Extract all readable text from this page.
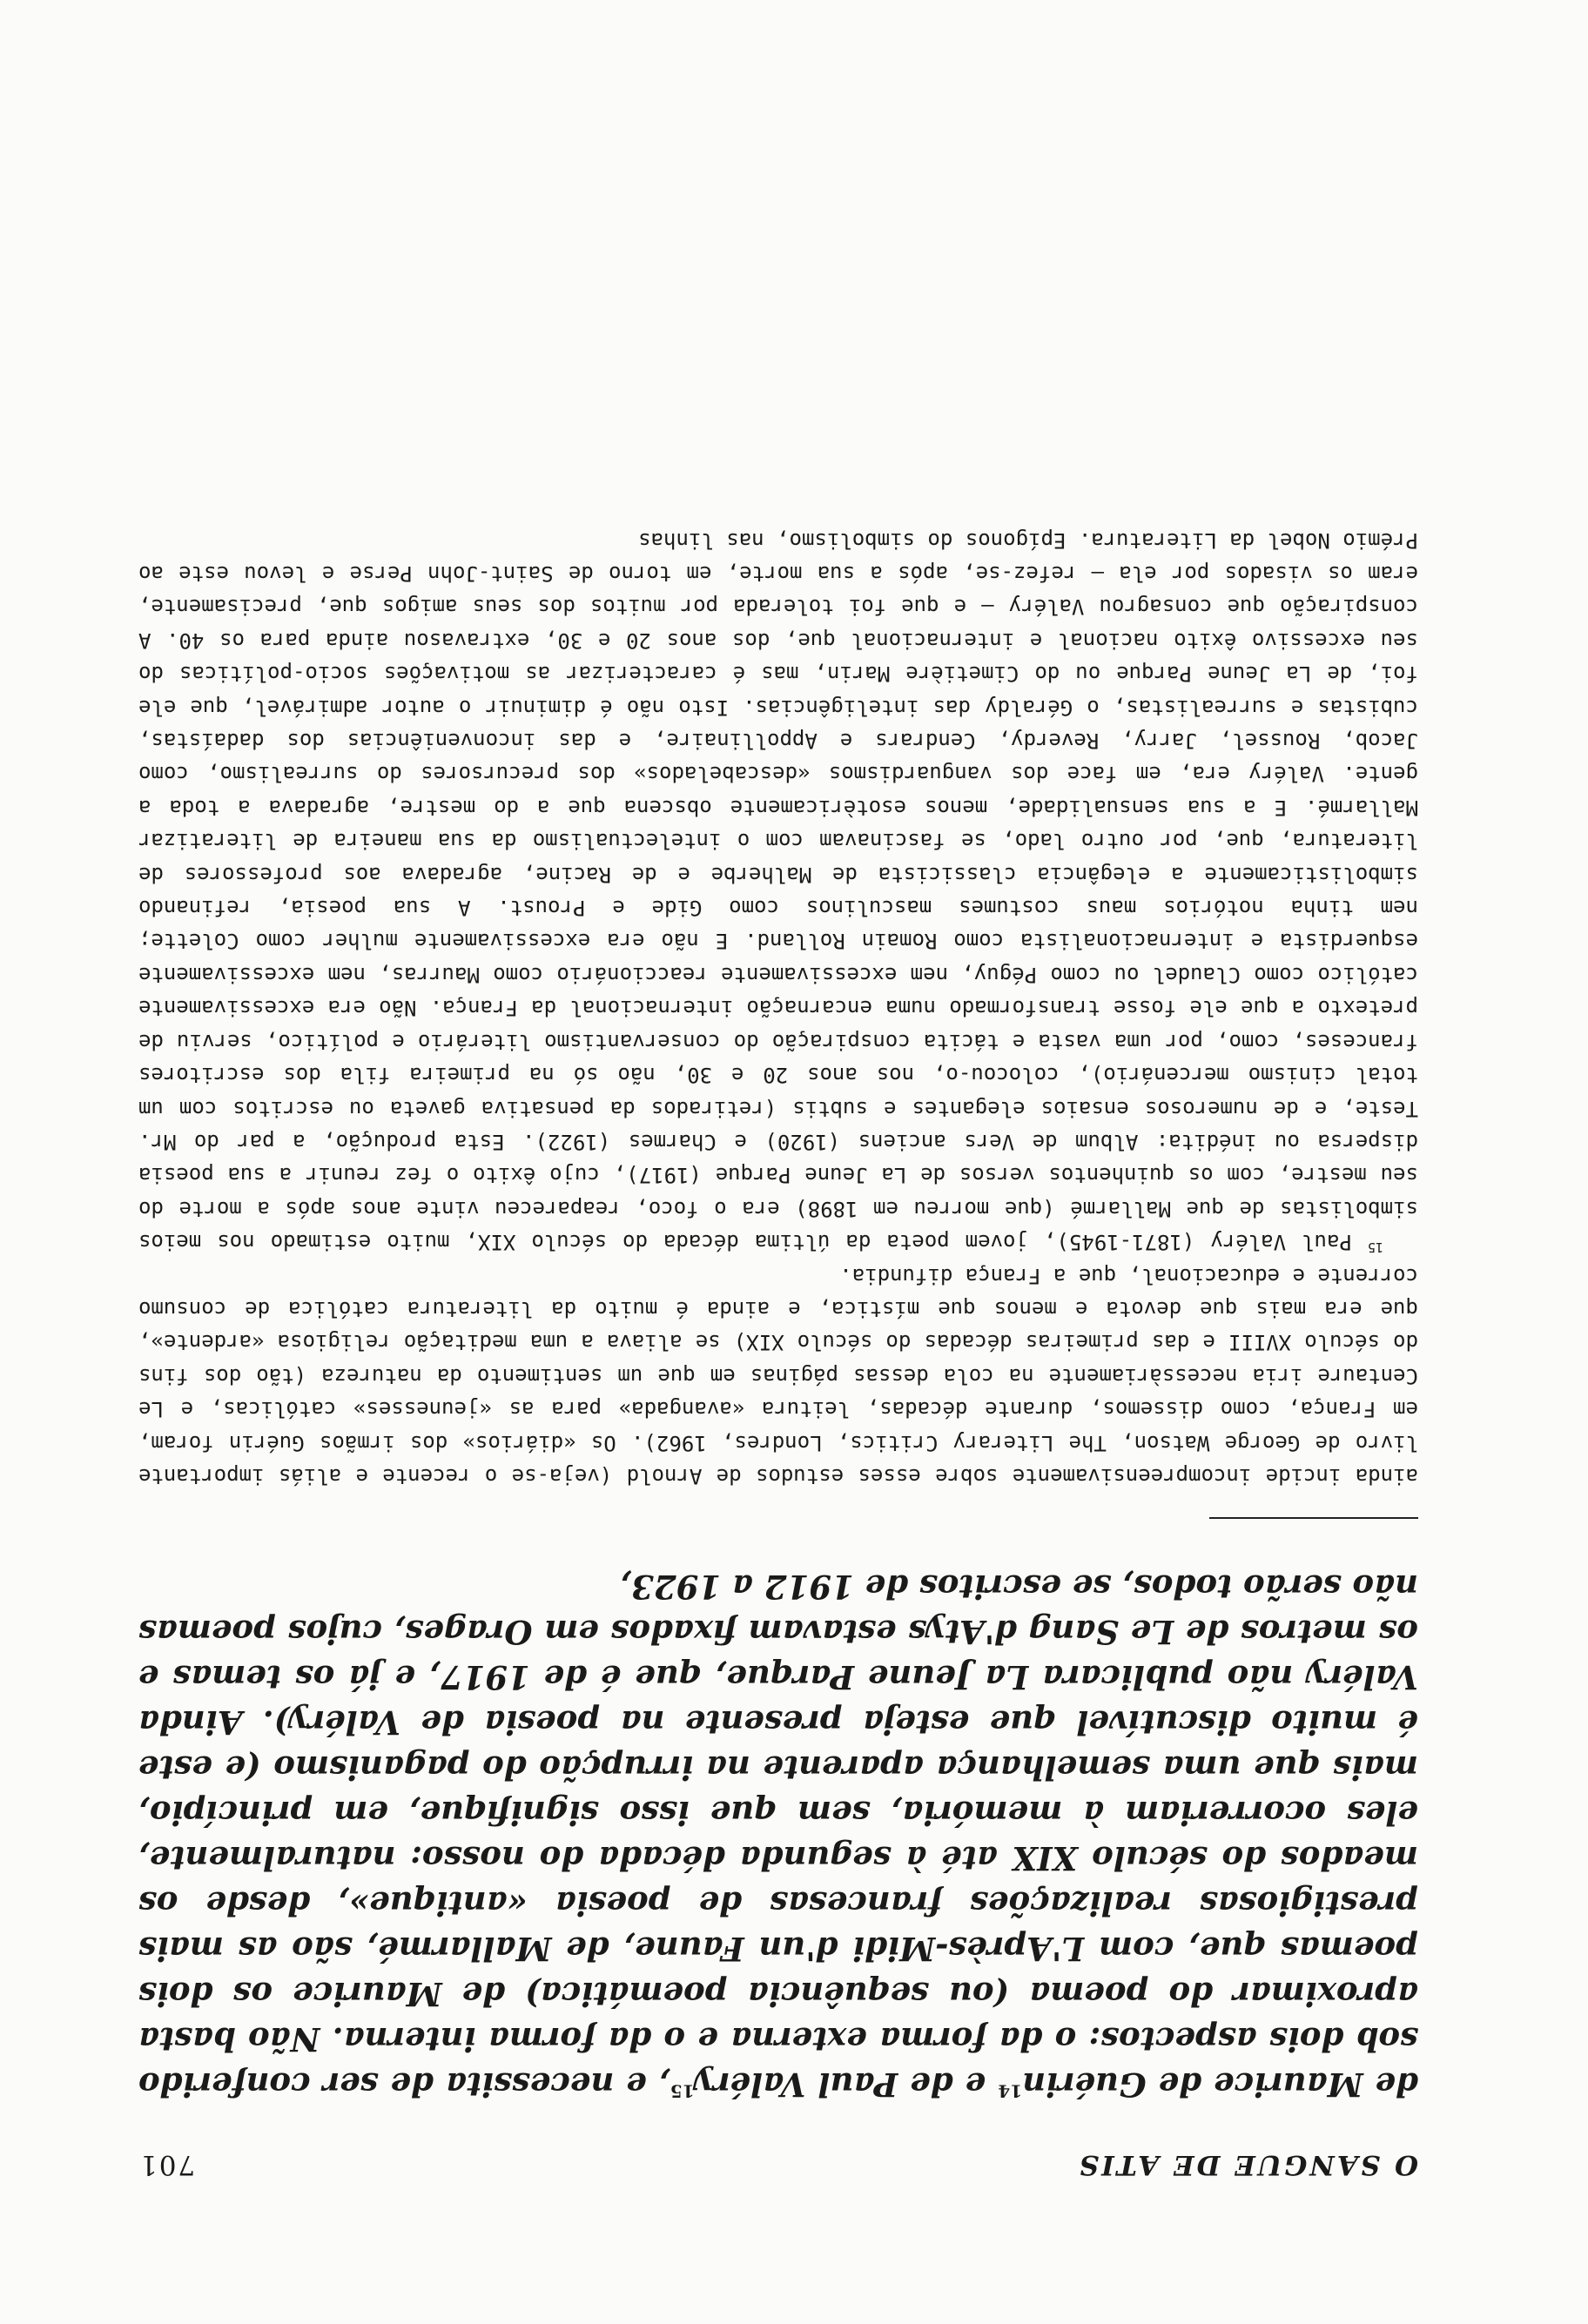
O SANGUE DE ATIS
701

de Maurice de Guérin$^{14}$ e de Paul Valéry$^{15}$, e necessita de ser conferido sob dois aspectos: o da forma externa e o da forma interna. Não basta aproximar do poema (ou sequência poemática) de Maurice os dois poemas que, com L'Après-Midi d'un Faune, de Mallarmé, são as mais prestigiosas realizações francesas de poesia «antique», desde os meados do século XIX até à segunda década do nosso: naturalmente, eles ocorreriam à memória, sem que isso signifique, em princípio, mais que uma semelhança aparente na irrupção do paganismo (e este é muito discutível que esteja presente na poesia de Valéry). Ainda Valéry não publicara La Jeune Parque, que é de 1917, e já os temas e os metros de Le Sang d'Atys estavam fixados em Orages, cujos poemas não serão todos, se escritos de 1912 a 1923,

ainda incide incompreensivamente sobre esses estudos de Arnold (veja-se o recente e aliás importante livro de George Watson, The Literary Critics, Londres, 1962). Os «diários» dos irmãos Guérin foram, em França, como dissemos, durante décadas, leitura «avangada» para as «jeunesses» católicas, e Le Centaure iria necessàriamente na cola dessas páginas em que um sentimento da natureza (tão dos fins do século XVIII e das primeiras décadas do século XIX) se aliava a uma meditação religiosa «ardente», que era mais que devota e menos que mística, e ainda é muito da literatura católica de consumo corrente e educacional, que a França difundia.

$^{15}$ Paul Valéry (1871-1945), jovem poeta da última década do século XIX, muito estimado nos meios simbolistas de que Mallarmé (que morreu em 1898) era o foco, reapareceu vinte anos após a morte do seu mestre, com os quinhentos versos de La Jeune Parque (1917), cujo êxito o fez reunir a sua poesia dispersa ou inédita: Album de Vers anciens (1920) e Charmes (1922). Esta produção, a par do Mr. Teste, e de numerosos ensaios elegantes e subtis (retirados da pensativa gaveta ou escritos com um total cinismo mercenário), colocou-o, nos anos 20 e 30, não só na primeira fila dos escritores franceses, como, por uma vasta e tácita conspiração do conservantismo literário e político, serviu de pretexto a que ele fosse transformado numa encarnação internacional da França. Não era excessivamente católico como Claudel ou como Péguy, nem excessivamente reaccionário como Maurras, nem excessivamente esquerdista e internacionalista como Romain Rolland. E não era excessivamente mulher como Colette; nem tinha notórios maus costumes masculinos como Gide e Proust. A sua poesia, refinando simbolisticamente a elegância classicista de Malherbe e de Racine, agradava aos professores de literatura, que, por outro lado, se fascinavam com o intelectualismo da sua maneira de literatizar Mallarmé. E a sua sensualidade, menos esotèricamente obscena que a do mestre, agradava a toda a gente. Valéry era, em face dos vanguardismos «descabelados» dos precursores do surrealismo, como Jacob, Roussel, Jarry, Reverdy, Cendrars e Appollinaire, e das inconveniências dos dadaístas, cubistas e surrealistas, o Géraldy das inteligências. Isto não é diminuir o autor admirável, que ele foi, de La Jeune Parque ou do Cimetière Marin, mas é caracterizar as motivações socio-políticas do seu excessivo êxito nacional e internacional que, dos anos 20 e 30, extravasou ainda para os 40. A conspiração que consagrou Valéry — e que foi tolerada por muitos dos seus amigos que, precisamente, eram os visados por ela — refez-se, após a sua morte, em torno de Saint-John Perse e levou este ao Prémio Nobel da Literatura. Epígonos do simbolismo, nas linhas
